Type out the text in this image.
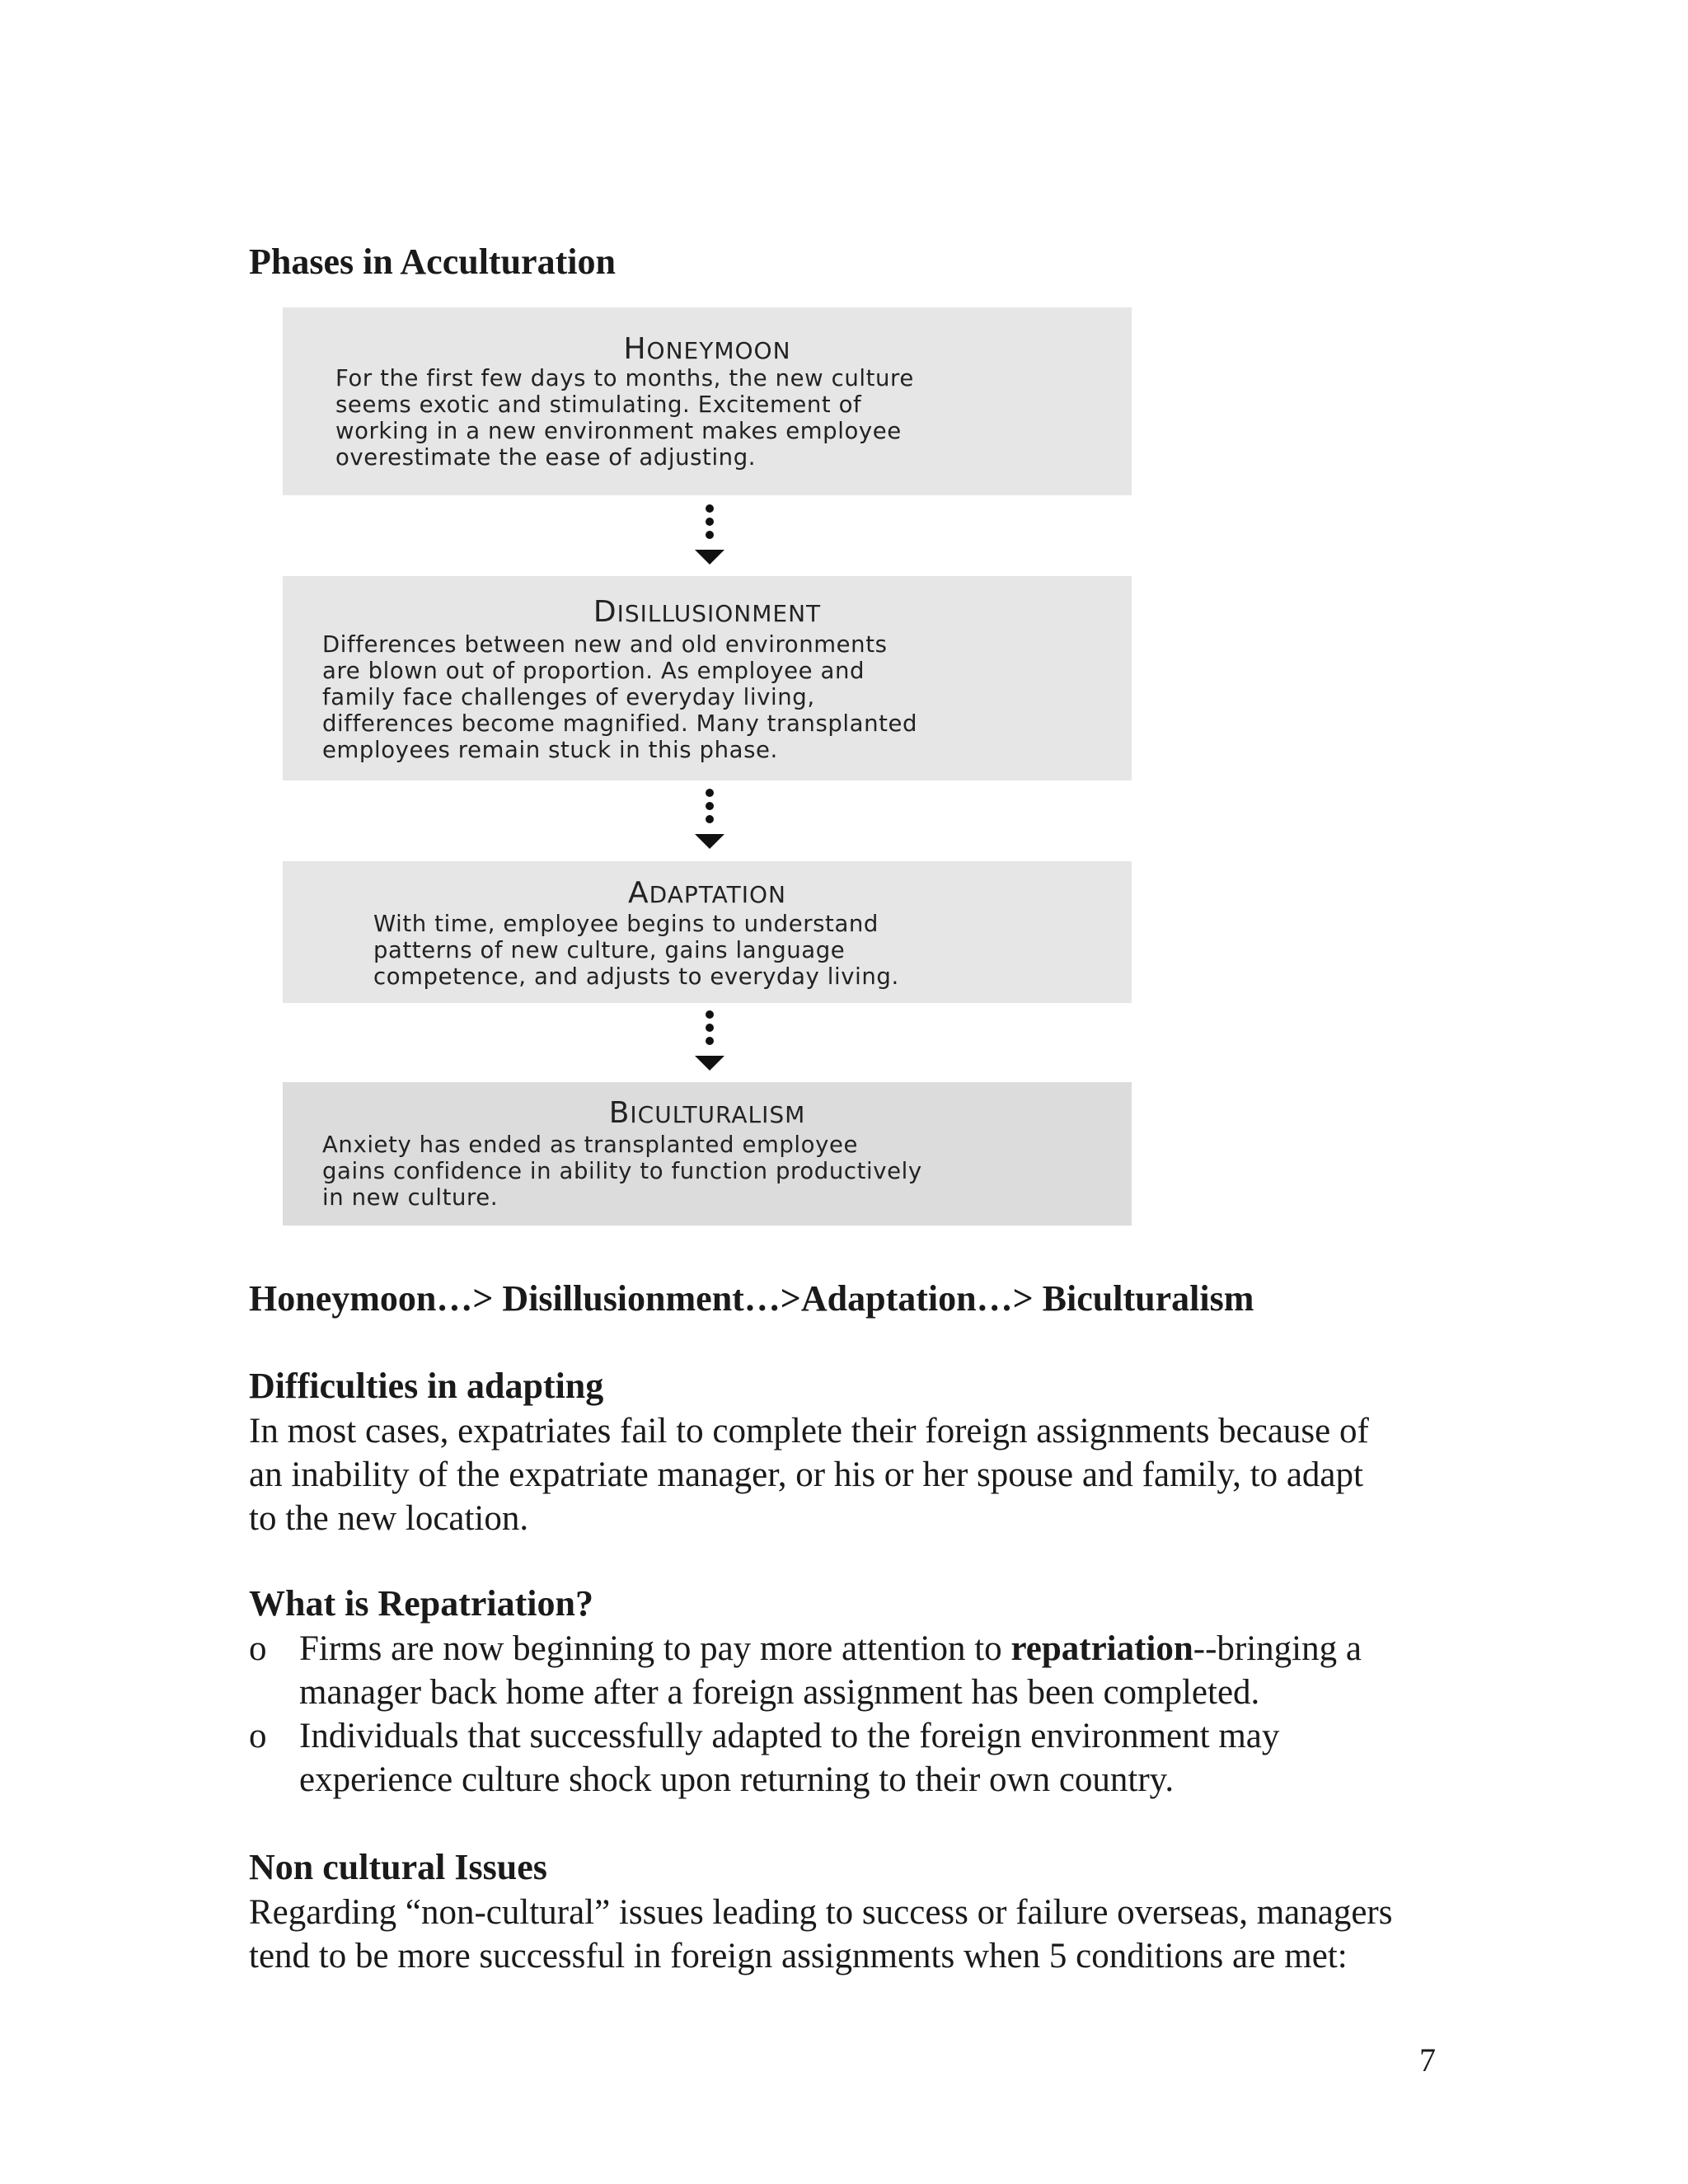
Phases in Acculturation
HONEYMOON
For the first few days to months, the new culture
seems exotic and stimulating. Excitement of
working in a new environment makes employee
overestimate the ease of adjusting.
DISILLUSIONMENT
Differences between new and old environments
are blown out of proportion. As employee and
family face challenges of everyday living,
differences become magnified. Many transplanted
employees remain stuck in this phase.
ADAPTATION
With time, employee begins to understand
patterns of new culture, gains language
competence, and adjusts to everyday living.
BICULTURALISM
Anxiety has ended as transplanted employee
gains confidence in ability to function productively
in new culture.

Honeymoon…> Disillusionment…>Adaptation…> Biculturalism

Difficulties in adapting
In most cases, expatriates fail to complete their foreign assignments because of
an inability of the expatriate manager, or his or her spouse and family, to adapt
to the new location.
What is Repatriation?
o Firms are now beginning to pay more attention to repatriation--bringing a
manager back home after a foreign assignment has been completed.
o Individuals that successfully adapted to the foreign environment may
experience culture shock upon returning to their own country.
Non cultural Issues
Regarding “non-cultural” issues leading to success or failure overseas, managers
tend to be more successful in foreign assignments when 5 conditions are met:
7
